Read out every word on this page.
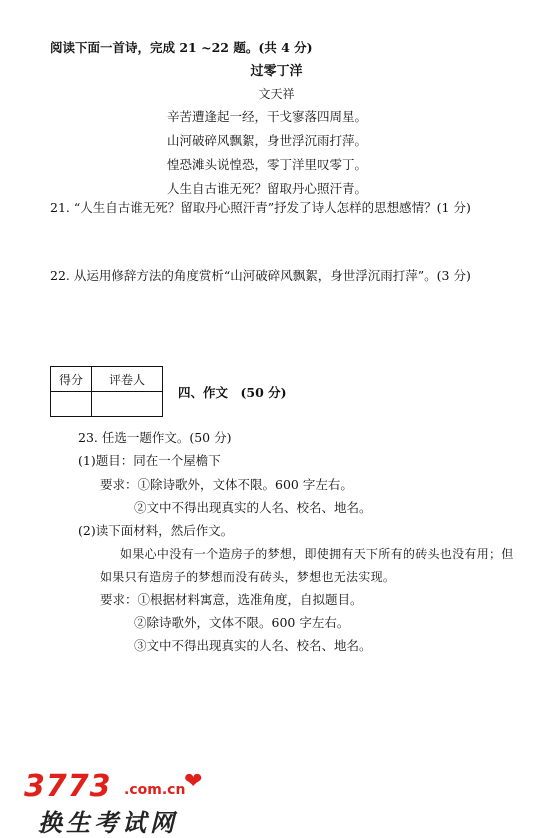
阅读下面一首诗，完成 21 ~22 题。(共 4 分)
过零丁洋
文天祥
辛苦遭逢起一经，干戈寥落四周星。
山河破碎风飘絮，身世浮沉雨打萍。
惶恐滩头说惶恐，零丁洋里叹零丁。
人生自古谁无死？留取丹心照汗青。
21. “人生自古谁无死？留取丹心照汗青”抒发了诗人怎样的思想感情？(1 分)
22. 从运用修辞方法的角度赏析“山河破碎风飘絮，身世浮沉雨打萍”。(3 分)
得分	评卷人

四、作文　(50 分)
23. 任选一题作文。(50 分)
(1)题目：同在一个屋檐下
要求：①除诗歌外，文体不限。600 字左右。
②文中不得出现真实的人名、校名、地名。
(2)读下面材料，然后作文。
如果心中没有一个造房子的梦想，即使拥有天下所有的砖头也没有用；但
如果只有造房子的梦想而没有砖头，梦想也无法实现。
要求：①根据材料寓意，选准角度，自拟题目。
②除诗歌外，文体不限。600 字左右。
③文中不得出现真实的人名、校名、地名。
3773 .com.cn
❤
换生考试网
